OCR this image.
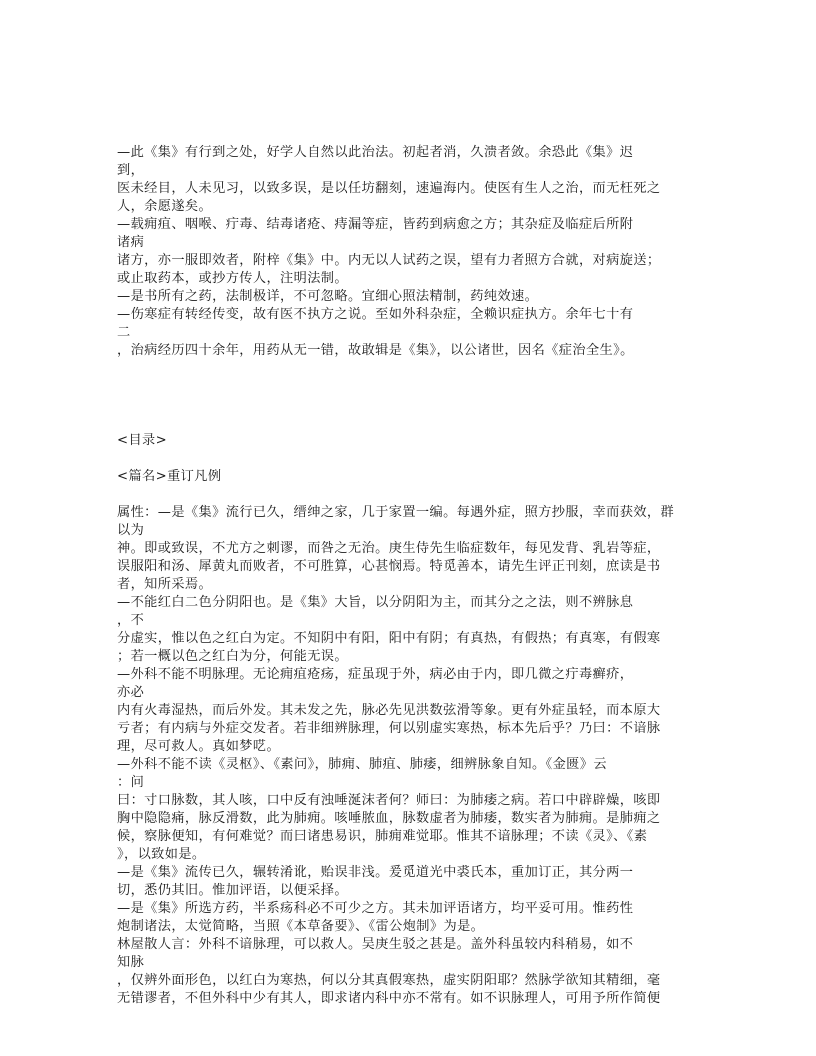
—此《集》有行到之处，好学人自然以此治法。初起者消，久溃者敛。余恐此《集》迟
到，
医未经目，人未见习，以致多误，是以任坊翻刻，速遍海内。使医有生人之治，而无枉死之
人，余愿遂矣。
—载痈疽、咽喉、疔毒、结毒诸疮、痔漏等症，皆药到病愈之方；其杂症及临症后所附
诸病
诸方，亦一服即效者，附梓《集》中。内无以人试药之误，望有力者照方合就，对病旋送；
或止取药本，或抄方传人，注明法制。
—是书所有之药，法制极详，不可忽略。宜细心照法精制，药纯效速。
—伤寒症有转经传变，故有医不执方之说。至如外科杂症，全赖识症执方。余年七十有
二
，治病经历四十余年，用药从无一错，故敢辑是《集》，以公诸世，因名《症治全生》。
<目录>
<篇名>重订凡例
属性：—是《集》流行已久，缙绅之家，几于家置一编。每遇外症，照方抄服，幸而获效，群
以为
神。即或致误，不尤方之刺谬，而咎之无治。庚生侍先生临症数年，每见发背、乳岩等症，
误服阳和汤、犀黄丸而败者，不可胜算，心甚悯焉。特觅善本，请先生评正刊刻，庶读是书
者，知所采焉。
—不能红白二色分阴阳也。是《集》大旨，以分阴阳为主，而其分之之法，则不辨脉息
，不
分虚实，惟以色之红白为定。不知阴中有阳，阳中有阴；有真热，有假热；有真寒，有假寒
；若一概以色之红白为分，何能无误。
—外科不能不明脉理。无论痈疽疮疡，症虽现于外，病必由于内，即几微之疔毒癣疥，
亦必
内有火毒湿热，而后外发。其未发之先，脉必先见洪数弦滑等象。更有外症虽轻，而本原大
亏者；有内病与外症交发者。若非细辨脉理，何以别虚实寒热，标本先后乎？乃曰：不谙脉
理，尽可救人。真如梦呓。
—外科不能不读《灵枢》、《素问》，肺痈、肺疽、肺痿，细辨脉象自知。《金匮》云
：问
曰：寸口脉数，其人咳，口中反有浊唾涎沫者何？师曰：为肺痿之病。若口中辟辟燥，咳即
胸中隐隐痛，脉反滑数，此为肺痈。咳唾脓血，脉数虚者为肺痿，数实者为肺痈。是肺痈之
候，察脉便知，有何难觉？而曰诸患易识，肺痈难觉耶。惟其不谙脉理；不读《灵》、《素
》，以致如是。
—是《集》流传已久，辗转淆讹，贻误非浅。爰觅道光中裘氏本，重加订正，其分两一
切，悉仍其旧。惟加评语，以便采择。
—是《集》所选方药，半系疡科必不可少之方。其未加评语诸方，均平妥可用。惟药性
炮制诸法，太觉简略，当照《本草备要》、《雷公炮制》为是。
林屋散人言：外科不谙脉理，可以救人。吴庚生驳之甚是。盖外科虽较内科稍易，如不
知脉
，仅辨外面形色，以红白为寒热，何以分其真假寒热，虚实阴阳耶？然脉学欲知其精细，毫
无错谬者，不但外科中少有其人，即求诸内科中亦不常有。如不识脉理人，可用予所作简便
